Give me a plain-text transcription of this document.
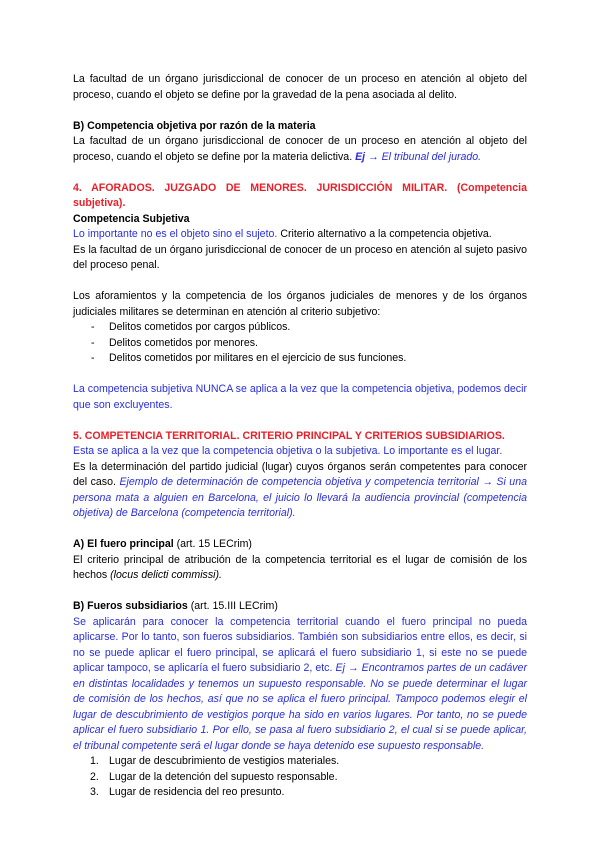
La facultad de un órgano jurisdiccional de conocer de un proceso en atención al objeto del proceso, cuando el objeto se define por la gravedad de la pena asociada al delito.

B) Competencia objetiva por razón de la materia

La facultad de un órgano jurisdiccional de conocer de un proceso en atención al objeto del proceso, cuando el objeto se define por la materia delictiva. Ej → El tribunal del jurado.

4. AFORADOS. JUZGADO DE MENORES. JURISDICCIÓN MILITAR. (Competencia subjetiva).

Competencia Subjetiva

Lo importante no es el objeto sino el sujeto. Criterio alternativo a la competencia objetiva.

Es la facultad de un órgano jurisdiccional de conocer de un proceso en atención al sujeto pasivo del proceso penal.

Los aforamientos y la competencia de los órganos judiciales de menores y de los órganos judiciales militares se determinan en atención al criterio subjetivo:

- Delitos cometidos por cargos públicos.
- Delitos cometidos por menores.
- Delitos cometidos por militares en el ejercicio de sus funciones.

La competencia subjetiva NUNCA se aplica a la vez que la competencia objetiva, podemos decir que son excluyentes.

5. COMPETENCIA TERRITORIAL. CRITERIO PRINCIPAL Y CRITERIOS SUBSIDIARIOS.

Esta se aplica a la vez que la competencia objetiva o la subjetiva. Lo importante es el lugar.

Es la determinación del partido judicial (lugar) cuyos órganos serán competentes para conocer del caso. Ejemplo de determinación de competencia objetiva y competencia territorial → Si una persona mata a alguien en Barcelona, el juicio lo llevará la audiencia provincial (competencia objetiva) de Barcelona (competencia territorial).

A) El fuero principal (art. 15 LECrim)

El criterio principal de atribución de la competencia territorial es el lugar de comisión de los hechos (locus delicti commissi).

B) Fueros subsidiarios (art. 15.III LECrim)

Se aplicarán para conocer la competencia territorial cuando el fuero principal no pueda aplicarse. Por lo tanto, son fueros subsidiarios. También son subsidiarios entre ellos, es decir, si no se puede aplicar el fuero principal, se aplicará el fuero subsidiario 1, si este no se puede aplicar tampoco, se aplicaría el fuero subsidiario 2, etc. Ej → Encontramos partes de un cadáver en distintas localidades y tenemos un supuesto responsable. No se puede determinar el lugar de comisión de los hechos, así que no se aplica el fuero principal. Tampoco podemos elegir el lugar de descubrimiento de vestigios porque ha sido en varios lugares. Por tanto, no se puede aplicar el fuero subsidiario 1. Por ello, se pasa al fuero subsidiario 2, el cual si se puede aplicar, el tribunal competente será el lugar donde se haya detenido ese supuesto responsable.

1. Lugar de descubrimiento de vestigios materiales.
2. Lugar de la detención del supuesto responsable.
3. Lugar de residencia del reo presunto.
